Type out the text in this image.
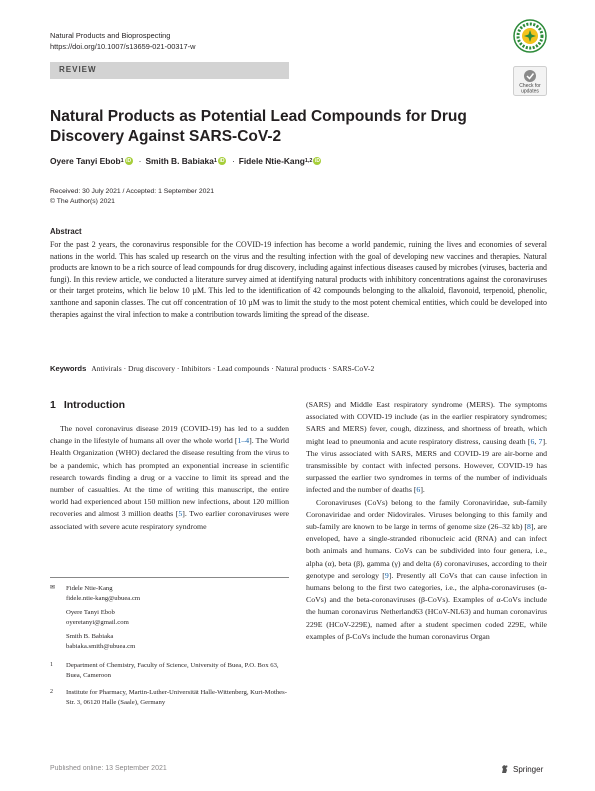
Natural Products and Bioprospecting
https://doi.org/10.1007/s13659-021-00317-w
REVIEW
Check for
updates
Natural Products as Potential Lead Compounds for Drug Discovery Against SARS-CoV-2
Oyere Tanyi Ebob 1 iD · Smith B. Babiaka 1 iD · Fidele Ntie-Kang 1,2 iD
Received: 30 July 2021 / Accepted: 1 September 2021
© The Author(s) 2021
Abstract
For the past 2 years, the coronavirus responsible for the COVID-19 infection has become a world pandemic, ruining the lives and economies of several nations in the world. This has scaled up research on the virus and the resulting infection with the goal of developing new vaccines and therapies. Natural products are known to be a rich source of lead compounds for drug discovery, including against infectious diseases caused by microbes (viruses, bacteria and fungi). In this review article, we conducted a literature survey aimed at identifying natural products with inhibitory concentrations against the coronaviruses or their target proteins, which lie below 10 µM. This led to the identification of 42 compounds belonging to the alkaloid, flavonoid, terpenoid, phenolic, xanthone and saponin classes. The cut off concentration of 10 µM was to limit the study to the most potent chemical entities, which could be developed into therapies against the viral infection to make a contribution towards limiting the spread of the disease.
Keywords Antivirals · Drug discovery · Inhibitors · Lead compounds · Natural products · SARS-CoV-2
1 Introduction

The novel coronavirus disease 2019 (COVID-19) has led to a sudden change in the lifestyle of humans all over the whole world [1–4]. The World Health Organization (WHO) declared the disease resulting from the virus to be a pandemic, which has prompted an exponential increase in scientific research towards finding a drug or a vaccine to limit its spread and the number of casualties. At the time of writing this manuscript, the entire world had experienced about 150 million new infections, about 120 million recoveries and almost 3 million deaths [5]. Two earlier coronaviruses were associated with severe acute respiratory syndrome

(SARS) and Middle East respiratory syndrome (MERS). The symptoms associated with COVID-19 include (as in the earlier respiratory syndromes; SARS and MERS) fever, cough, dizziness, and shortness of breath, which might lead to pneumonia and acute respiratory distress, causing death [6, 7]. The virus associated with SARS, MERS and COVID-19 are air-borne and transmissible by contact with infected persons. However, COVID-19 has surpassed the earlier two syndromes in terms of the number of individuals infected and the number of deaths [6].

Coronaviruses (CoVs) belong to the family Coronaviridae, sub-family Coronaviridae and order Nidovirales. Viruses belonging to this family and sub-family are known to be large in terms of genome size (26–32 kb) [8], are enveloped, have a single-stranded ribonucleic acid (RNA) and can infect both animals and humans. CoVs can be subdivided into four genera, i.e., alpha (α), beta (β), gamma (γ) and delta (δ) coronaviruses, according to their genotype and serology [9]. Presently all CoVs that can cause infection in humans belong to the first two categories, i.e., the alpha-coronaviruses (α-CoVs) and the beta-coronaviruses (β-CoVs). Examples of α-CoVs include the human coronavirus Netherland63 (HCoV-NL63) and human coronavirus 229E (HCoV-229E), named after a student specimen coded 229E, while examples of β-CoVs include the human coronavirus Organ

✉	Fidele Ntie-Kang
fidele.ntie-kang@ubuea.cm
Oyere Tanyi Ebob
oyeretanyi@gmail.com
Smith B. Babiaka
babiaka.smith@ubuea.cm
1	Department of Chemistry, Faculty of Science, University of Buea, P.O. Box 63, Buea, Cameroon
2	Institute for Pharmacy, Martin-Luther-Universität Halle-Wittenberg, Kurt-Mothes-Str. 3, 06120 Halle (Saale), Germany
Published online: 13 September 2021	Springer
